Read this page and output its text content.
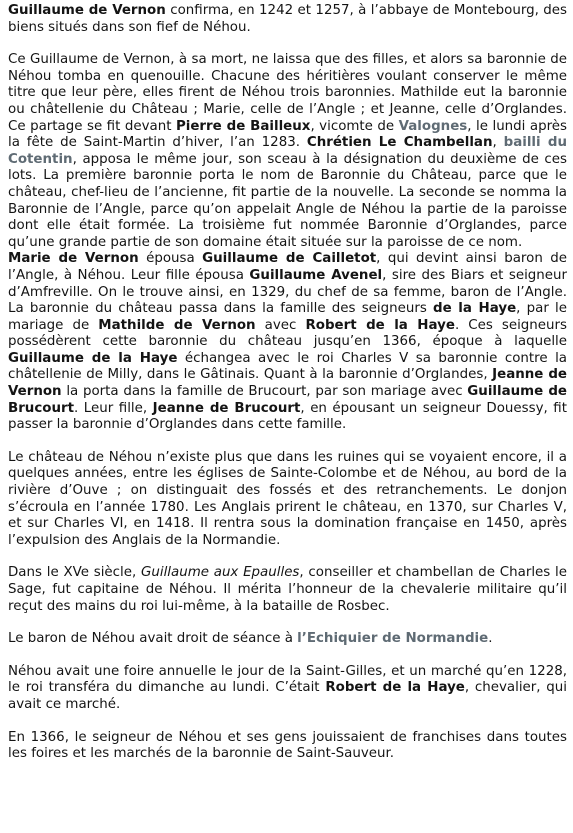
Guillaume de Vernon confirma, en 1242 et 1257, à l’abbaye de Montebourg, des biens situés dans son fief de Néhou.

Ce Guillaume de Vernon, à sa mort, ne laissa que des filles, et alors sa baronnie de Néhou tomba en quenouille. Chacune des héritières voulant conserver le même titre que leur père, elles firent de Néhou trois baronnies. Mathilde eut la baronnie ou châtellenie du Château ; Marie, celle de l’Angle ; et Jeanne, celle d’Orglandes. Ce partage se fit devant Pierre de Bailleux, vicomte de Valognes, le lundi après la fête de Saint-Martin d’hiver, l’an 1283. Chrétien Le Chambellan, bailli du Cotentin, apposa le même jour, son sceau à la désignation du deuxième de ces lots. La première baronnie porta le nom de Baronnie du Château, parce que le château, chef-lieu de l’ancienne, fit partie de la nouvelle. La seconde se nomma la Baronnie de l’Angle, parce qu’on appelait Angle de Néhou la partie de la paroisse dont elle était formée. La troisième fut nommée Baronnie d’Orglandes, parce qu’une grande partie de son domaine était située sur la paroisse de ce nom.

Marie de Vernon épousa Guillaume de Cailletot, qui devint ainsi baron de l’Angle, à Néhou. Leur fille épousa Guillaume Avenel, sire des Biars et seigneur d’Amfreville. On le trouve ainsi, en 1329, du chef de sa femme, baron de l’Angle. La baronnie du château passa dans la famille des seigneurs de la Haye, par le mariage de Mathilde de Vernon avec Robert de la Haye. Ces seigneurs possédèrent cette baronnie du château jusqu’en 1366, époque à laquelle Guillaume de la Haye échangea avec le roi Charles V sa baronnie contre la châtellenie de Milly, dans le Gâtinais. Quant à la baronnie d’Orglandes, Jeanne de Vernon la porta dans la famille de Brucourt, par son mariage avec Guillaume de Brucourt. Leur fille, Jeanne de Brucourt, en épousant un seigneur Douessy, fit passer la baronnie d’Orglandes dans cette famille.

Le château de Néhou n’existe plus que dans les ruines qui se voyaient encore, il a quelques années, entre les églises de Sainte-Colombe et de Néhou, au bord de la rivière d’Ouve ; on distinguait des fossés et des retranchements. Le donjon s’écroula en l’année 1780. Les Anglais prirent le château, en 1370, sur Charles V, et sur Charles VI, en 1418. Il rentra sous la domination française en 1450, après l’expulsion des Anglais de la Normandie.

Dans le XVe siècle, Guillaume aux Epaulles, conseiller et chambellan de Charles le Sage, fut capitaine de Néhou. Il mérita l’honneur de la chevalerie militaire qu’il reçut des mains du roi lui-même, à la bataille de Rosbec.

Le baron de Néhou avait droit de séance à l’Echiquier de Normandie.

Néhou avait une foire annuelle le jour de la Saint-Gilles, et un marché qu’en 1228, le roi transféra du dimanche au lundi. C’était Robert de la Haye, chevalier, qui avait ce marché.

En 1366, le seigneur de Néhou et ses gens jouissaient de franchises dans toutes les foires et les marchés de la baronnie de Saint-Sauveur.
